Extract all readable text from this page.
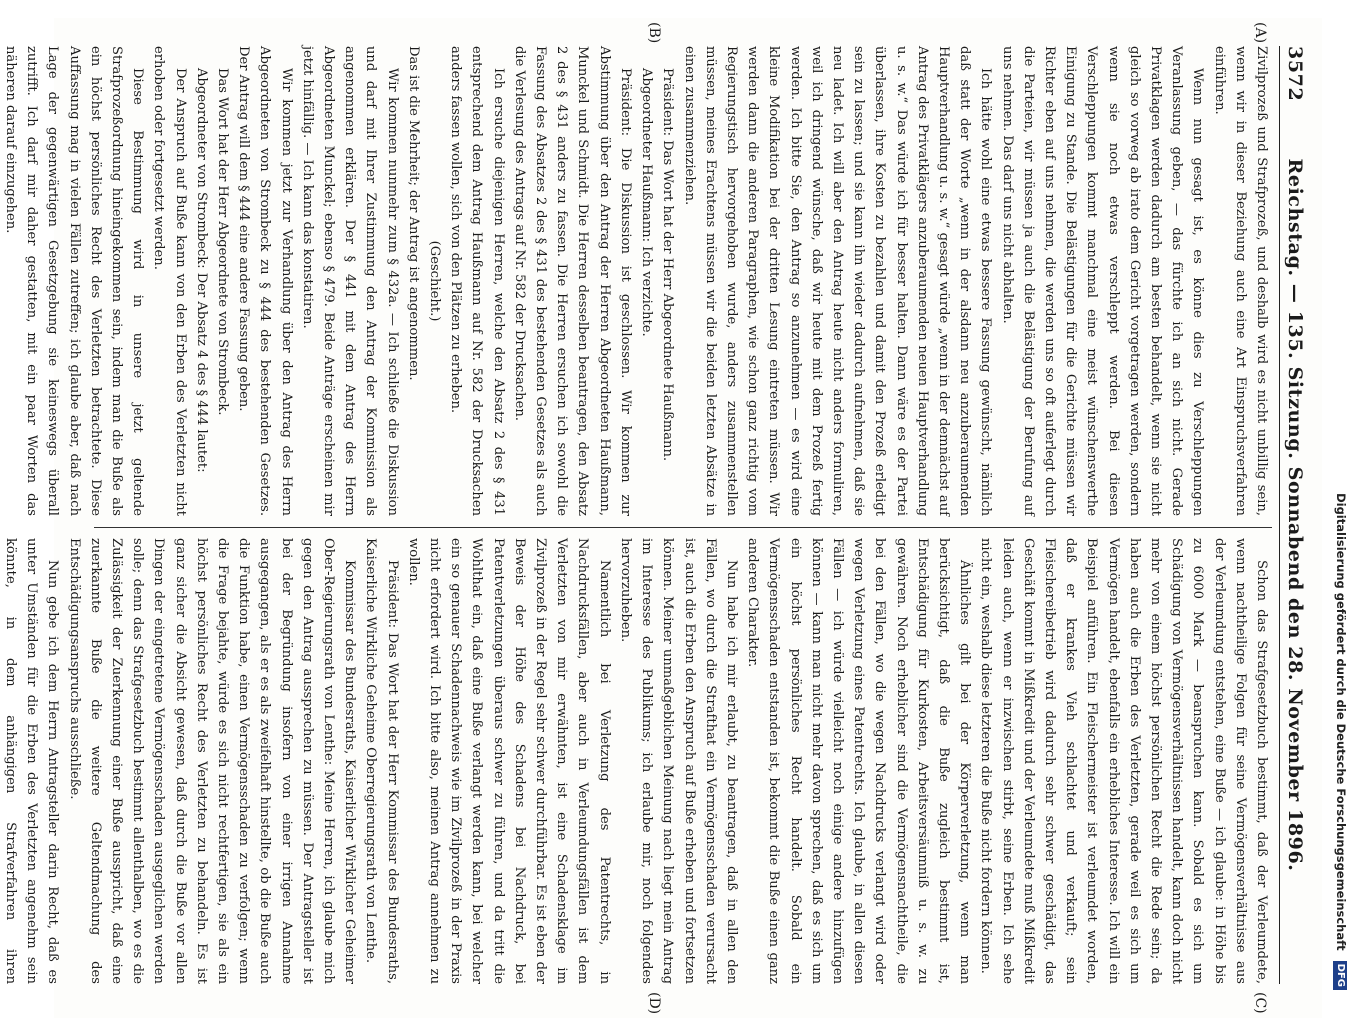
3572
Reichstag. — 135. Sitzung. Sonnabend den 28. November 1896.
(A)
(B)
(C)
(D)

Zivilprozeß und Strafprozeß, und deshalb wird es nicht unbillig sein, wenn wir in dieser Beziehung auch eine Art Einspruchsverfahren einführen.

Wenn nun gesagt ist, es könne dies zu Verschleppungen Veranlassung geben, — das fürchte ich an sich nicht. Gerade Privatklagen werden dadurch am besten behandelt, wenn sie nicht gleich so vorweg ab irato dem Gericht vorgetragen werden, sondern wenn sie noch etwas verschleppt werden. Bei diesen Verschleppungen kommt manchmal eine meist wünschenswerthe Einigung zu Stande. Die Belästigungen für die Gerichte müssen wir Richter eben auf uns nehmen, die werden uns so oft auferlegt durch die Parteien, wir müssen ja auch die Belästigung der Berufung auf uns nehmen. Das darf uns nicht abhalten.

Ich hätte wohl eine etwas bessere Fassung gewünscht, nämlich daß statt der Worte „wenn in der alsdann neu anzuberaumenden Hauptverhandlung u. s. w.“ gesagt würde „wenn in der demnächst auf Antrag des Privatklägers anzuberaumenden neuen Hauptverhandlung u. s. w.“ Das würde ich für besser halten. Dann wäre es der Partei überlassen, ihre Kosten zu bezahlen und damit den Prozeß erledigt sein zu lassen; und sie kann ihn wieder dadurch aufnehmen, daß sie neu ladet. Ich will aber den Antrag heute nicht anders formuliren, weil ich dringend wünsche, daß wir heute mit dem Prozeß fertig werden. Ich bitte Sie, den Antrag so anzunehmen — es wird eine kleine Modifikation bei der dritten Lesung eintreten müssen. Wir werden dann die anderen Paragraphen, wie schon ganz richtig vom Regierungstisch hervorgehoben wurde, anders zusammenstellen müssen, meines Erachtens müssen wir die beiden letzten Absätze in einen zusammenziehen.

Präsident: Das Wort hat der Herr Abgeordnete Haußmann.

Abgeordneter Haußmann: Ich verzichte.

Präsident: Die Diskussion ist geschlossen. Wir kommen zur Abstimmung über den Antrag der Herren Abgeordneten Haußmann, Munckel und Schmidt. Die Herren desselben beantragen, den Absatz 2 des § 431 anders zu fassen. Die Herren ersuchen ich sowohl die Fassung des Absatzes 2 des § 431 des bestehenden Gesetzes als auch die Verlesung des Antrags auf Nr. 582 der Drucksachen.

Ich ersuche diejenigen Herren, welche den Absatz 2 des § 431 entsprechend dem Antrag Haußmann auf Nr. 582 der Drucksachen anders fassen wollen, sich von den Plätzen zu erheben.

(Geschieht.)

Das ist die Mehrheit; der Antrag ist angenommen.

Wir kommen nunmehr zum § 432a. — Ich schließe die Diskussion und darf mit Ihrer Zustimmung den Antrag der Kommission als angenommen erklären. Der § 441 mit dem Antrag des Herrn Abgeordneten Munckel; ebenso § 479. Beide Anträge erscheinen mir jetzt hinfällig. — Ich kann das konstatiren.

Wir kommen jetzt zur Verhandlung über den Antrag des Herrn Abgeordneten von Strombeck zu § 444 des bestehenden Gesetzes. Der Antrag will dem § 444 eine andere Fassung geben.

Das Wort hat der Herr Abgeordnete von Strombeck.

Abgeordneter von Strombeck: Der Absatz 4 des § 444 lautet:

Der Anspruch auf Buße kann von den Erben des Verletzten nicht erhoben oder fortgesetzt werden.

Diese Bestimmung wird in unsere jetzt geltende Strafprozeßordnung hineingekommen sein, indem man die Buße als ein höchst persönliches Recht des Verletzten betrachtete. Diese Auffassung mag in vielen Fällen zutreffen; ich glaube aber, daß nach Lage der gegenwärtigen Gesetzgebung sie keineswegs überall zutrifft. Ich darf mir daher gestatten, mit ein paar Worten das näheren darauf einzugehen.

Schon das Strafgesetzbuch bestimmt, daß der Verleumdete, wenn nachtheilige Folgen für seine Vermögensverhältnisse aus der Verleumdung entstehen, eine Buße — ich glaube: in Höhe bis zu 6000 Mark — beanspruchen kann. Sobald es sich um Schädigung von Vermögensverhältnissen handelt, kann doch nicht mehr von einem höchst persönlichen Recht die Rede sein; da haben auch die Erben des Verletzten, gerade weil es sich um Vermögen handelt, ebenfalls ein erhebliches Interesse. Ich will ein Beispiel anführen. Ein Fleischermeister ist verleumdet worden, daß er krankes Vieh schlachtet und verkauft; sein Fleischereibetrieb wird dadurch sehr schwer geschädigt, das Geschäft kommt in Mißkredit und der Verleumdete muß Mißkredit leiden auch, wenn er inzwischen stirbt, seine Erben. Ich sehe nicht ein, weshalb diese letzteren die Buße nicht fordern können.

Ähnliches gilt bei der Körperverletzung, wenn man berücksichtigt, daß die Buße zugleich bestimmt ist, Entschädigung für Kurkosten, Arbeitsversäumniß u. s. w. zu gewähren. Noch erheblicher sind die Vermögensnachtheile, die bei den Fällen, wo die wegen Nachdrucks verlangt wird oder wegen Verletzung eines Patentrechts. Ich glaube, in allen diesen Fällen — ich würde vielleicht noch einige andere hinzufügen können — kann man nicht mehr davon sprechen, daß es sich um ein höchst persönliches Recht handelt. Sobald ein Vermögensschaden entstanden ist, bekommt die Buße einen ganz anderen Charakter.

Nun habe ich mir erlaubt, zu beantragen, daß in allen den Fällen, wo durch die Strafthat ein Vermögensschaden verursacht ist, auch die Erben den Anspruch auf Buße erheben und fortsetzen können. Meiner unmaßgeblichen Meinung nach liegt mein Antrag im Interesse des Publikums; ich erlaube mir, noch folgendes hervorzuheben.

Namentlich bei Verletzung des Patentrechts, in Nachdrucksfällen, aber auch in Verleumdungsfällen ist dem Verletzten von mir erwähnten, ist eine Schadensklage im Zivilprozeß in der Regel sehr schwer durchführbar. Es ist eben der Beweis der Höhe des Schadens bei Nachdruck, bei Patentverletzungen überaus schwer zu führen, und da tritt die Wohlthat ein, daß eine Buße verlangt werden kann, bei welcher ein so genauer Schadennachweis wie im Zivilprozeß in der Praxis nicht erfordert wird. Ich bitte also, meinen Antrag annehmen zu wollen.

Präsident: Das Wort hat der Herr Kommissar des Bundesraths, Kaiserliche Wirkliche Geheime Oberregierungsrath von Lenthe.

Kommissar des Bundesraths, Kaiserlicher Wirklicher Geheimer Ober-Regierungsrath von Lenthe: Meine Herren, ich glaube mich gegen den Antrag aussprechen zu müssen. Der Antragsteller ist bei der Begründung insofern von einer irrigen Annahme ausgegangen, als er es als zweifelhaft hinstellte, ob die Buße auch die Funktion habe, einen Vermögensschaden zu verfolgen; wenn die Frage bejahte, würde es sich nicht rechtfertigen, sie als ein höchst persönliches Recht des Verletzten zu behandeln. Es ist ganz sicher die Absicht gewesen, daß durch die Buße vor allen Dingen der eingetretene Vermögensschaden ausgeglichen werden solle; denn das Strafgesetzbuch bestimmt allenthalben, wo es die Zulässigkeit der Zuerkennung einer Buße ausspricht, daß eine zuerkannte Buße die weitere Geltendmachung des Entschädigungsanspruchs ausschließe.

Nun gebe ich dem Herrn Antragsteller darin Recht, daß es unter Umständen für die Erben des Verletzten angenehm sein könnte, in dem anhängigen Strafverfahren ihren

Digitalisierung gefördert durch die Deutsche Forschungsgemeinschaft DFG
